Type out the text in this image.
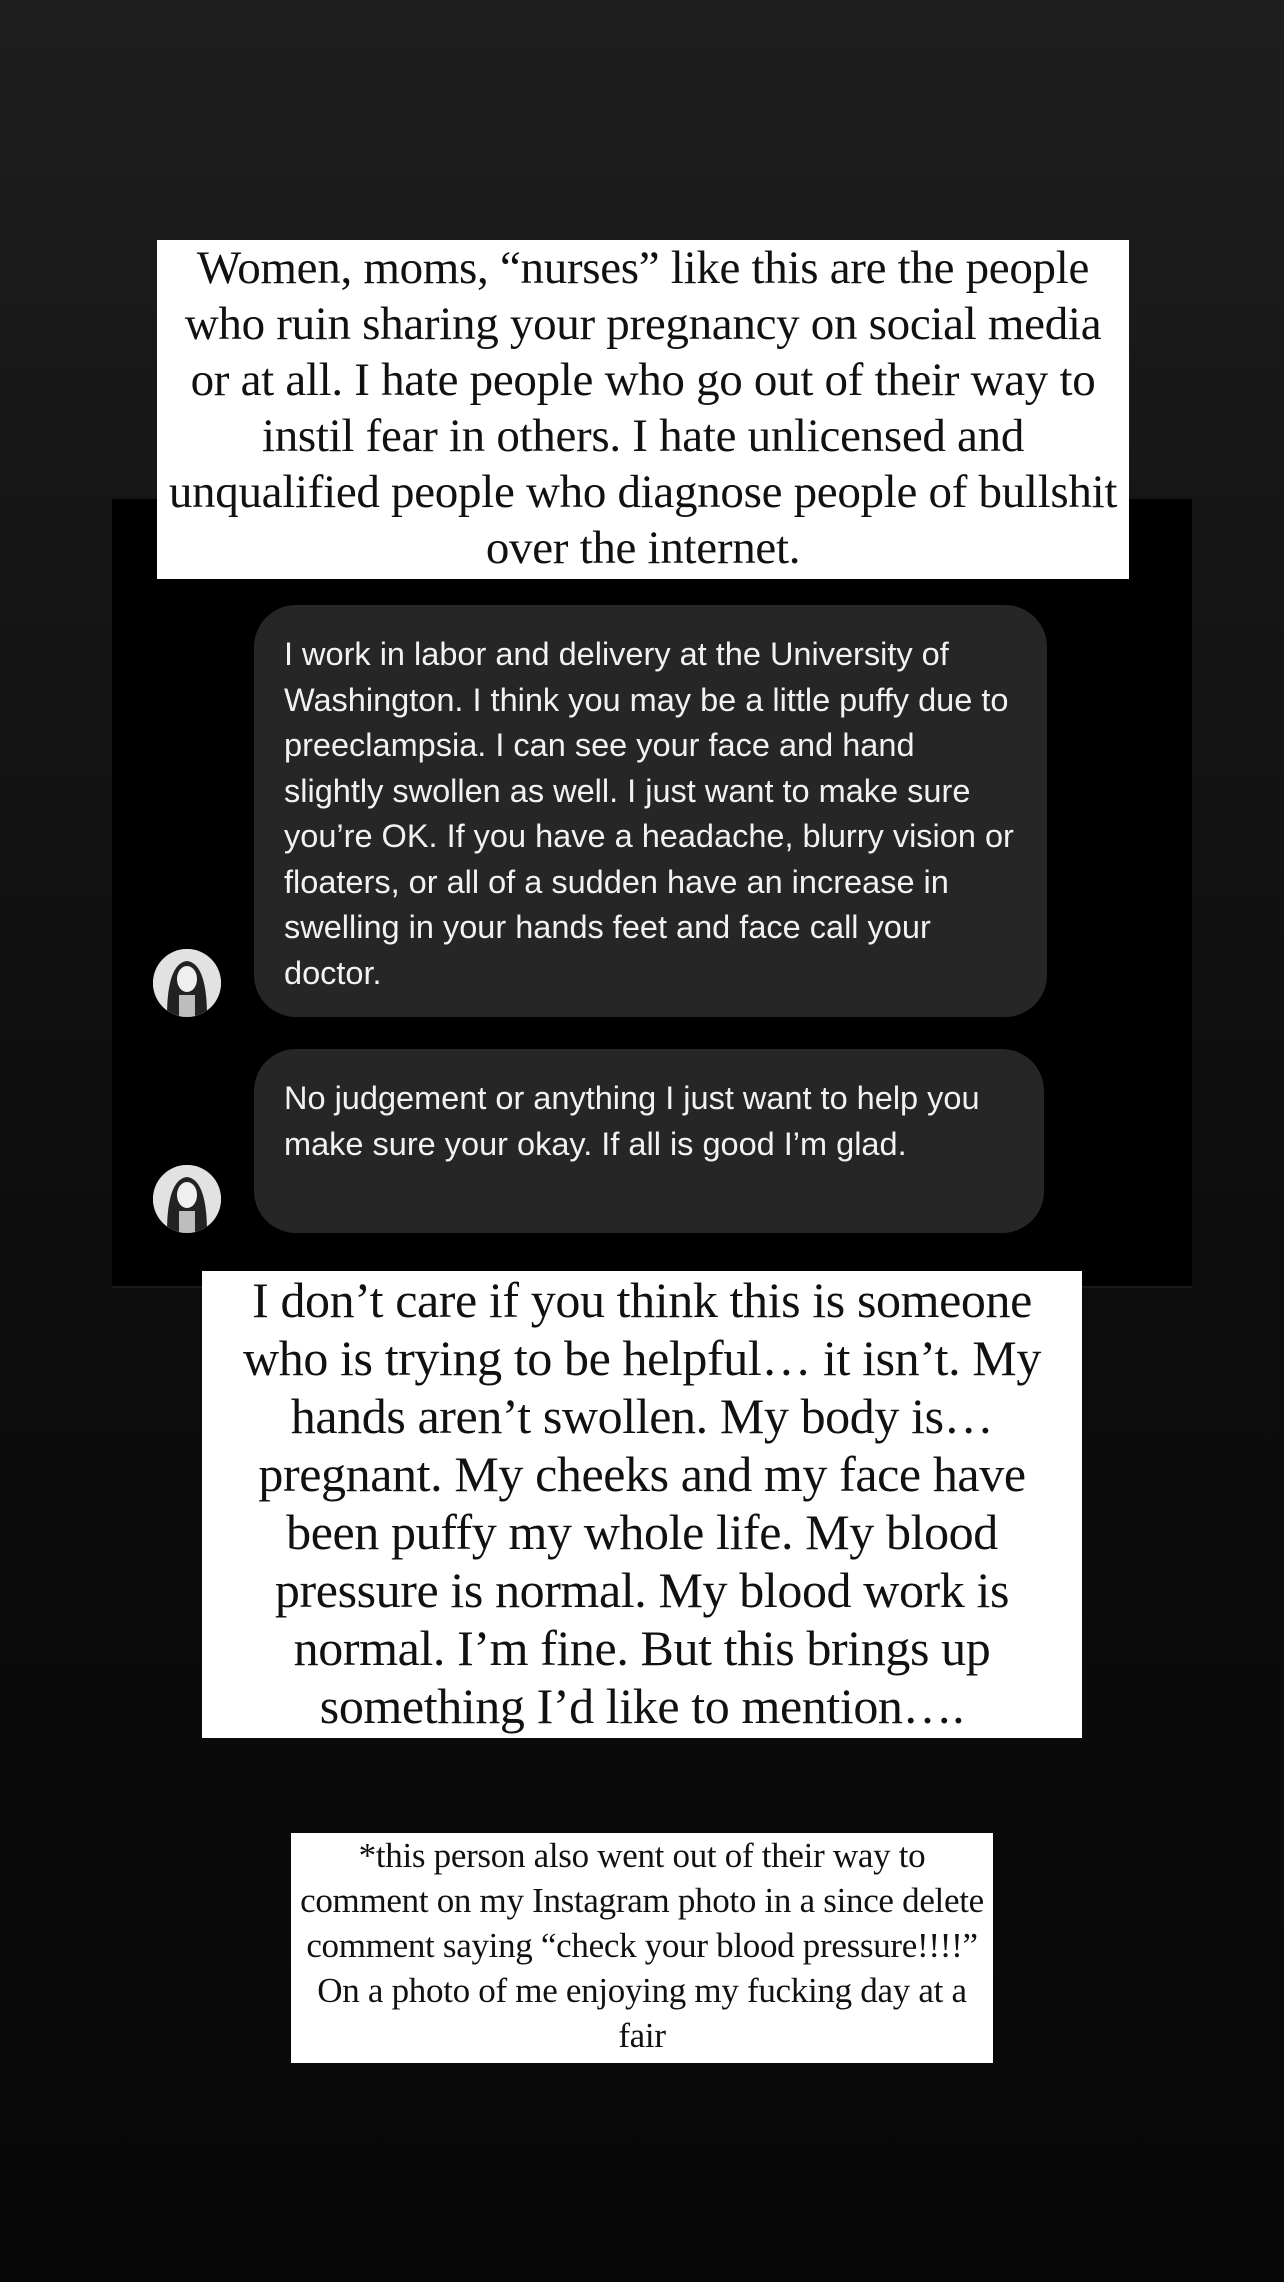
Women, moms, “nurses” like this are the people who ruin sharing your pregnancy on social media or at all. I hate people who go out of their way to instil fear in others. I hate unlicensed and unqualified people who diagnose people of bullshit over the internet.
I work in labor and delivery at the University of Washington. I think you may be a little puffy due to preeclampsia. I can see your face and hand slightly swollen as well. I just want to make sure you’re OK. If you have a headache, blurry vision or floaters, or all of a sudden have an increase in swelling in your hands feet and face call your doctor.
No judgement or anything I just want to help you make sure your okay. If all is good I’m glad.
I don’t care if you think this is someone who is trying to be helpful… it isn’t. My hands aren’t swollen. My body is… pregnant. My cheeks and my face have been puffy my whole life. My blood pressure is normal. My blood work is normal. I’m fine. But this brings up something I’d like to mention….
*this person also went out of their way to comment on my Instagram photo in a since delete comment saying “check your blood pressure!!!!” On a photo of me enjoying my fucking day at a fair
